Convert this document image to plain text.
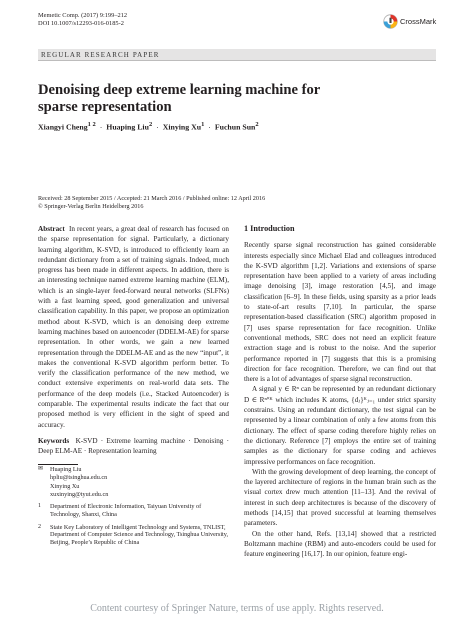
Memetic Comp. (2017) 9:199–212
DOI 10.1007/s12293-016-0185-2	CrossMark
REGULAR RESEARCH PAPER
Denoising deep extreme learning machine for sparse representation
Xiangyi Cheng$^{1 2}$ · Huaping Liu$^2$ · Xinying $Xu^1$ · Fuchun Sun$^2$
Received: 28 September 2015 / Accepted: 21 March 2016 / Published online: 12 April 2016
© Springer-Verlag Berlin Heidelberg 2016

Abstract In recent years, a great deal of research has focused on the sparse representation for signal. Particularly, a dictionary learning algorithm, K-SVD, is introduced to efficiently learn an redundant dictionary from a set of training signals. Indeed, much progress has been made in different aspects. In addition, there is an interesting technique named extreme learning machine (ELM), which is an single-layer feed-forward neural networks (SLFNs) with a fast learning speed, good generalization and universal classification capability. In this paper, we propose an optimization method about K-SVD, which is an denoising deep extreme learning machines based on autoencoder (DDELM-AE) for sparse representation. In other words, we gain a new learned representation through the DDELM-AE and as the new “input”, it makes the conventional K-SVD algorithm perform better. To verify the classification performance of the new method, we conduct extensive experiments on real-world data sets. The performance of the deep models (i.e., Stacked Autoencoder) is comparable. The experimental results indicate the fact that our proposed method is very efficient in the sight of speed and accuracy.

Keywords K-SVD · Extreme learning machine · Denoising · Deep ELM-AE · Representation learning

✉	Huaping Liu
hpliu@tsinghua.edu.cn
Xinying Xu
xuxinying@tyut.edu.cn
1	Department of Electronic Information, Taiyuan University of Technology, Shanxi, China
2	State Key Laboratory of Intelligent Technology and Systems, TNLIST, Department of Computer Science and Technology, Tsinghua University, Beijing, People’s Republic of China
1 Introduction

Recently sparse signal reconstruction has gained considerable interests especially since Michael Elad and colleagues introduced the K-SVD algorithm [1,2]. Variations and extensions of sparse representation have been applied to a variety of areas including image denoising [3], image restoration [4,5], and image classification [6–9]. In these fields, using sparsity as a prior leads to state-of-art results [7,10]. In particular, the sparse representation-based classification (SRC) algorithm proposed in [7] uses sparse representation for face recognition. Unlike conventional methods, SRC does not need an explicit feature extraction stage and is robust to the noise. And the superior performance reported in [7] suggests that this is a promising direction for face recognition. Therefore, we can find out that there is a lot of advantages of sparse signal reconstruction.

A signal y ∈ Rⁿ can be represented by an redundant dictionary D ∈ Rⁿ˟ᴷ which includes K atoms, {dⱼ}ᴷⱼ₌₁ under strict sparsity constrains. Using an redundant dictionary, the test signal can be represented by a linear combination of only a few atoms from this dictionary. The effect of sparse coding therefore highly relies on the dictionary. Reference [7] employs the entire set of training samples as the dictionary for sparse coding and achieves impressive performances on face recognition.

With the growing development of deep learning, the concept of the layered architecture of regions in the human brain such as the visual cortex drew much attention [11–13]. And the revival of interest in such deep architectures is because of the discovery of methods [14,15] that proved successful at learning themselves parameters.

On the other hand, Refs. [13,14] showed that a restricted Boltzmann machine (RBM) and auto-encoders could be used for feature engineering [16,17]. In our opinion, feature engi-

Content courtesy of Springer Nature, terms of use apply. Rights reserved.
